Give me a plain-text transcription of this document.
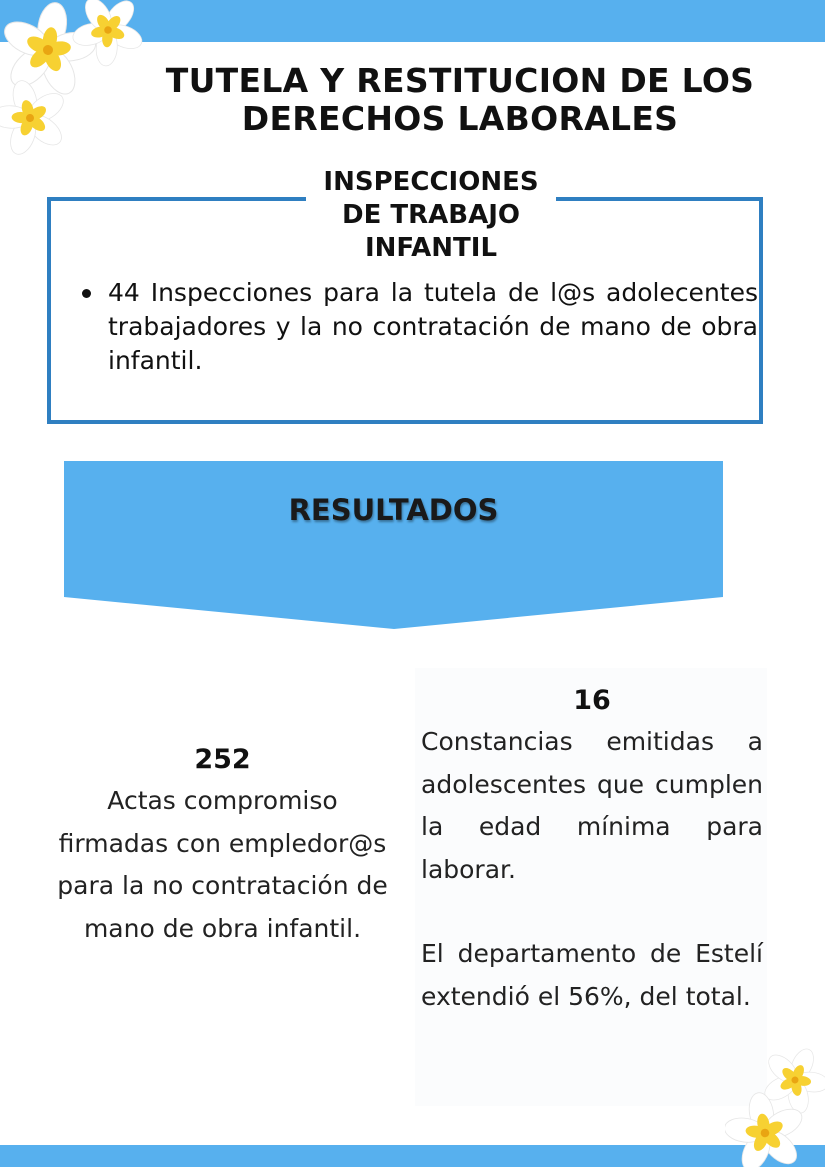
TUTELA Y RESTITUCION DE LOS DERECHOS LABORALES
INSPECCIONES DE TRABAJO INFANTIL
44 Inspecciones para la tutela de l@s adolecentes trabajadores y la no contratación de mano de obra infantil.
RESULTADOS
252
Actas compromiso firmadas con empledor@s para la no contratación de mano de obra infantil.
16
Constancias emitidas a adolescentes que cumplen la edad mínima para laborar.
El departamento de Estelí extendió el 56%, del total.
